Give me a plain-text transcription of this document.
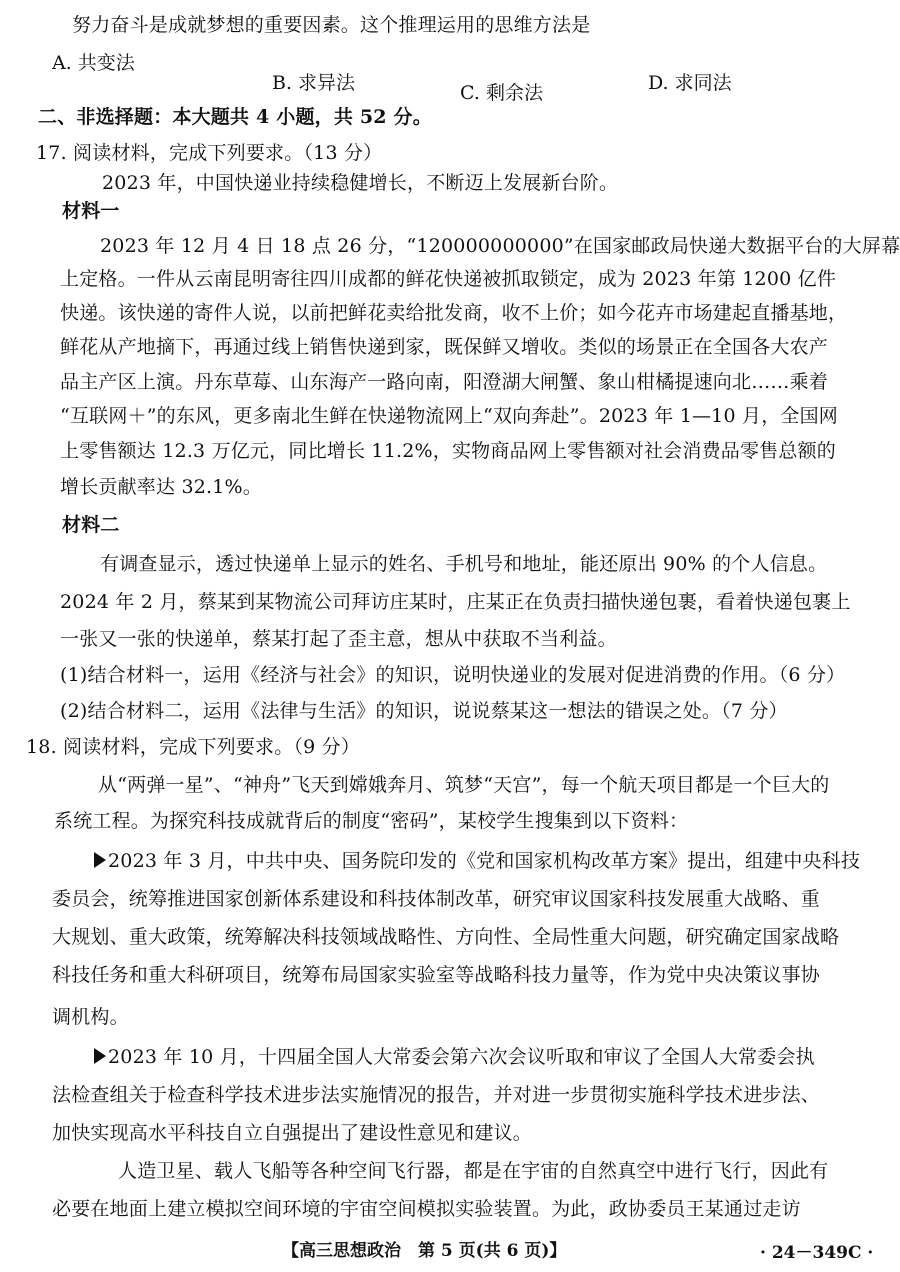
努力奋斗是成就梦想的重要因素。这个推理运用的思维方法是
A. 共变法
B. 求异法	C. 剩余法	D. 求同法
二、非选择题：本大题共 4 小题，共 52 分。
17. 阅读材料，完成下列要求。（13 分）
2023 年，中国快递业持续稳健增长，不断迈上发展新台阶。
材料一
2023 年 12 月 4 日 18 点 26 分，“120000000000”在国家邮政局快递大数据平台的大屏幕
上定格。一件从云南昆明寄往四川成都的鲜花快递被抓取锁定，成为 2023 年第 1200 亿件
快递。该快递的寄件人说，以前把鲜花卖给批发商，收不上价；如今花卉市场建起直播基地，
鲜花从产地摘下，再通过线上销售快递到家，既保鲜又增收。类似的场景正在全国各大农产
品主产区上演。丹东草莓、山东海产一路向南，阳澄湖大闸蟹、象山柑橘提速向北……乘着
“互联网＋”的东风，更多南北生鲜在快递物流网上“双向奔赴”。2023 年 1—10 月，全国网
上零售额达 12.3 万亿元，同比增长 11.2%，实物商品网上零售额对社会消费品零售总额的
增长贡献率达 32.1%。
材料二
有调查显示，透过快递单上显示的姓名、手机号和地址，能还原出 90% 的个人信息。
2024 年 2 月，蔡某到某物流公司拜访庄某时，庄某正在负责扫描快递包裹，看着快递包裹上
一张又一张的快递单，蔡某打起了歪主意，想从中获取不当利益。
(1)结合材料一，运用《经济与社会》的知识，说明快递业的发展对促进消费的作用。（6 分）
(2)结合材料二，运用《法律与生活》的知识，说说蔡某这一想法的错误之处。（7 分）
18. 阅读材料，完成下列要求。（9 分）
从“两弹一星”、“神舟”飞天到嫦娥奔月、筑梦“天宫”，每一个航天项目都是一个巨大的
系统工程。为探究科技成就背后的制度“密码”，某校学生搜集到以下资料：
2023 年 3 月，中共中央、国务院印发的《党和国家机构改革方案》提出，组建中央科技
委员会，统筹推进国家创新体系建设和科技体制改革，研究审议国家科技发展重大战略、重
大规划、重大政策，统筹解决科技领域战略性、方向性、全局性重大问题，研究确定国家战略
科技任务和重大科研项目，统筹布局国家实验室等战略科技力量等，作为党中央决策议事协
调机构。
2023 年 10 月，十四届全国人大常委会第六次会议听取和审议了全国人大常委会执
法检查组关于检查科学技术进步法实施情况的报告，并对进一步贯彻实施科学技术进步法、
加快实现高水平科技自立自强提出了建设性意见和建议。
人造卫星、载人飞船等各种空间飞行器，都是在宇宙的自然真空中进行飞行，因此有
必要在地面上建立模拟空间环境的宇宙空间模拟实验装置。为此，政协委员王某通过走访
【高三思想政治　第 5 页(共 6 页)】	· 24－349C ·
